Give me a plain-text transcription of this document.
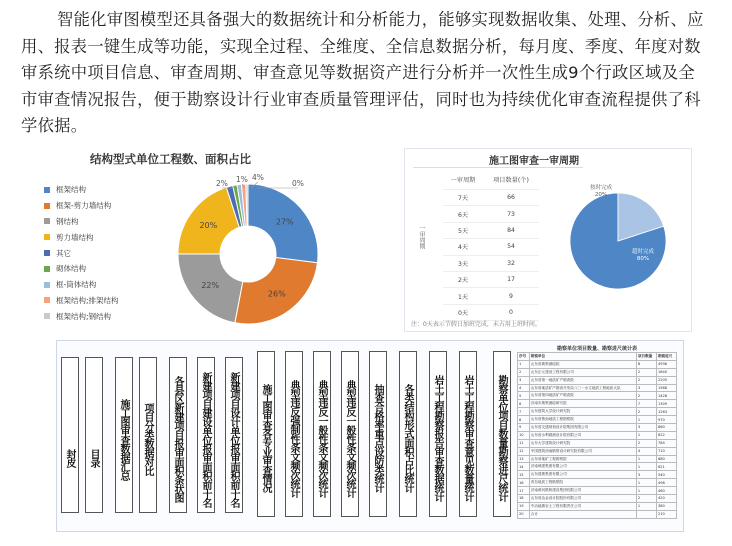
智能化审图模型还具备强大的数据统计和分析能力，能够实现数据收集、处理、分析、应用、报表一键生成等功能，实现全过程、全维度、全信息数据分析，每月度、季度、年度对数审系统中项目信息、审查周期、审查意见等数据资产进行分析并一次性生成9个行政区域及全市审查情况报告，便于勘察设计行业审查质量管理评估，同时也为持续优化审查流程提供了科学依据。
结构型式单位工程数、面积占比
框架结构
框架-剪力墙结构
钢结构
剪力墙结构
其它
砌体结构
框-筒体结构
框架结构;排架结构
框架结构;钢结构
27%
26%
22%
20%
2% 1% 4%
0%
施工图审查一审周期
一审周期
一审周期	项目数量(个)
7天	66
6天	73
5天	84
4天	54
3天	32
2天	17
1天	9
0天	0
按时完成
20%
超时完成
80%
注：0天表示节假日加班完成，未占用上班时间。
封皮	目录	施工图审查数据汇总	项目分类数据对比	各县区新建项目报审面积条状图	新建项目建设单位报审面积前十名	新建项目设计单位报审面积前十名	施工图审查各专业审查情况	典型违反强制性条文频次统计	典型违反一般性条文频次统计	典型违反一般性条文频次统计	抽查合格率重点设防类统计	各类结构形式面积占比统计	岩土工程勘察报告审查数据统计	岩土工程勘察审查意见数量统计	勘察单位项目数量勘察进尺统计
勘察单位项目数量、勘察进尺统计表
序号	勘察单位	项目数量	勘察进尺
1	山东省勘察测绘院	8	4936
2	山东正元建设工程有限公司	2	1640
3	山东省第一地质矿产勘查院	2	2205
4	山东省地质矿产勘查开发局八〇一水文地质工程地质大队	3	1568
5	山东省第四地质矿产勘查院	2	1428
6	济南市勘察测绘研究院	7	1309
7	山东建筑大学设计研究院	2	1263
8	山东省鲁南地质工程勘察院	1	970
9	山东省交通规划设计院集团有限公司	3	860
10	山东省水利勘测设计院有限公司	1	822
11	山东大学建筑设计研究院	2	784
12	中国建筑西南勘察设计研究院有限公司	4	710
13	山东省地矿工程勘察院	1	680
14	济南城建集团有限公司	1	621
15	山东建勘集团有限公司	3	540
16	青岛地质工程勘察院	1	498
17	济南黄河路桥建设集团有限公司	1	460
18	山东省冶金设计院股份有限公司	2	420
19	中冶地勘岩土工程有限责任公司	1	380
20	合计		210
